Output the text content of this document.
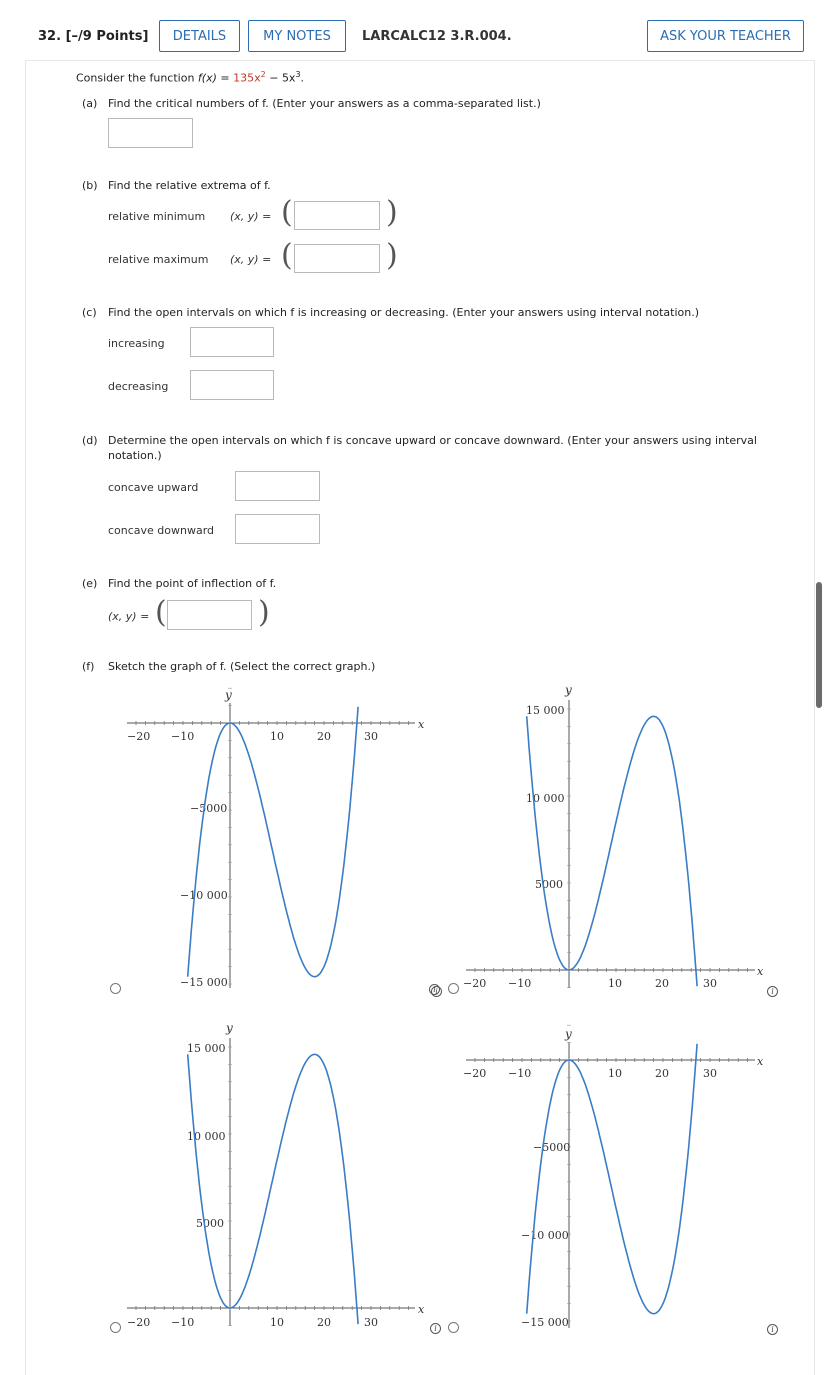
32. [–/9 Points]	DETAILS	MY NOTES	LARCALC12 3.R.004.	ASK YOUR TEACHER
Consider the function $f(x) = 135x^2 - 5x^3$.
(a) Find the critical numbers of f. (Enter your answers as a comma-separated list.)
(b) Find the relative extrema of f.
relative minimum (x, y) = (	)
relative maximum (x, y) = (	)
(c) Find the open intervals on which f is increasing or decreasing. (Enter your answers using interval notation.)
increasing
decreasing
(d) Determine the open intervals on which f is concave upward or concave downward. (Enter your answers using interval
notation.)
concave upward
concave downward
(e) Find the point of inflection of f.
(x, y) = (	)
(f) Sketch the graph of f. (Select the correct graph.)
−20 −10	10	20	30
x
y
−5000
−10 000
−15 000
i
−20 −10	10	20	30
x
y
15 000
10 000
5000
i	i
−20 −10	10	20	30
x
y
15 000
10 000
5000
i
−20 −10	10	20	30
x
y
−5000
−10 000
−15 000
i
